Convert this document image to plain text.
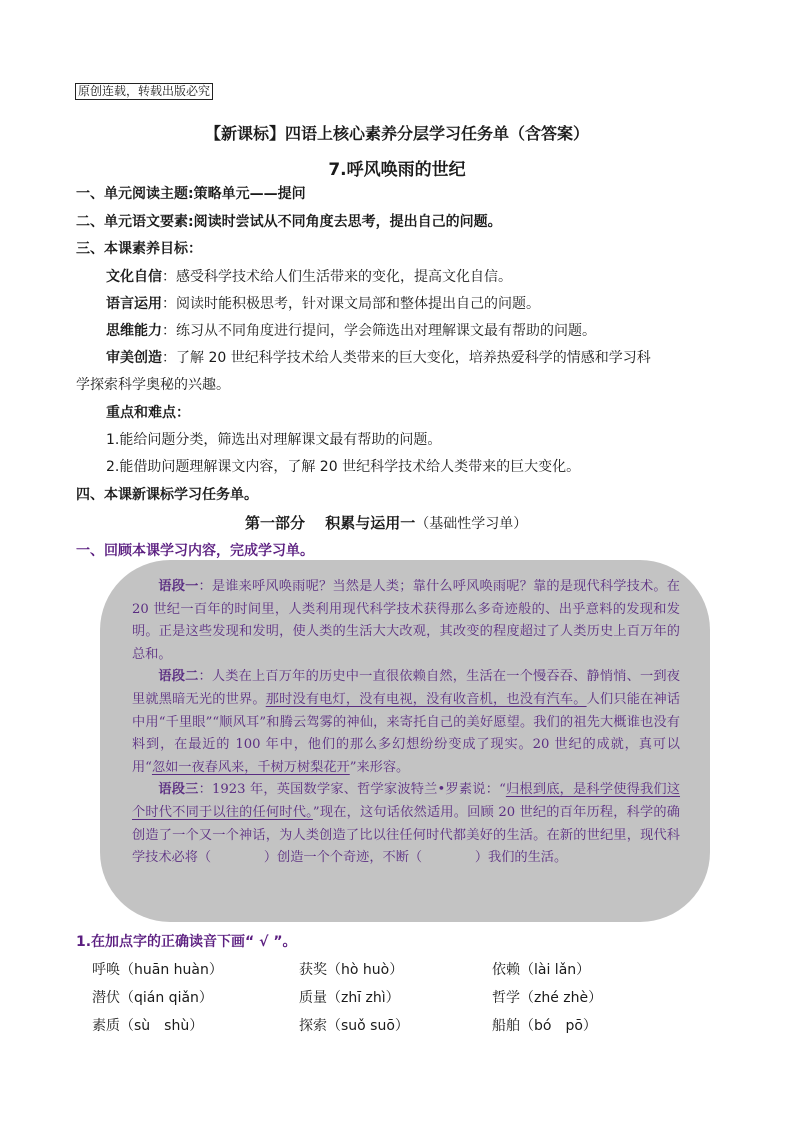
原创连载，转载出版必究
【新课标】四语上核心素养分层学习任务单（含答案）
7.呼风唤雨的世纪
一、单元阅读主题:策略单元——提问
二、单元语文要素:阅读时尝试从不同角度去思考，提出自己的问题。
三、本课素养目标：
文化自信：感受科学技术给人们生活带来的变化，提高文化自信。
语言运用：阅读时能积极思考，针对课文局部和整体提出自己的问题。
思维能力：练习从不同角度进行提问，学会筛选出对理解课文最有帮助的问题。
审美创造：了解 20 世纪科学技术给人类带来的巨大变化，培养热爱科学的情感和学习科
学探索科学奥秘的兴趣。
重点和难点：
1.能给问题分类，筛选出对理解课文最有帮助的问题。
2.能借助问题理解课文内容，了解 20 世纪科学技术给人类带来的巨大变化。
四、本课新课标学习任务单。
第一部分　 积累与运用一（基础性学习单）
一、回顾本课学习内容，完成学习单。

语段一：是谁来呼风唤雨呢？当然是人类；靠什么呼风唤雨呢？靠的是现代科学技术。在 20 世纪一百年的时间里，人类利用现代科学技术获得那么多奇迹般的、出乎意料的发现和发明。正是这些发现和发明，使人类的生活大大改观，其改变的程度超过了人类历史上百万年的总和。

语段二：人类在上百万年的历史中一直很依赖自然，生活在一个慢吞吞、静悄悄、一到夜里就黑暗无光的世界。那时没有电灯，没有电视，没有收音机，也没有汽车。人们只能在神话中用“千里眼”“顺风耳”和腾云驾雾的神仙，来寄托自己的美好愿望。我们的祖先大概谁也没有料到，在最近的 100 年中，他们的那么多幻想纷纷变成了现实。20 世纪的成就，真可以用“忽如一夜春风来，千树万树梨花开”来形容。

语段三：1923 年，英国数学家、哲学家波特兰•罗素说：“归根到底，是科学使得我们这个时代不同于以往的任何时代。”现在，这句话依然适用。回顾 20 世纪的百年历程，科学的确创造了一个又一个神话，为人类创造了比以往任何时代都美好的生活。在新的世纪里，现代科学技术必将（　　　　）创造一个个奇迹，不断（　　　　）我们的生活。

1.在加点字的正确读音下画“ √ ”。
呼唤（huān huàn）	获奖（hò huò）	依赖（lài lǎn）
潜伏（qián qiǎn）	质量（zhī zhì）	哲学（zhé zhè）
素质（sù　shù）	探索（suǒ suō）	船舶（bó　pō）
